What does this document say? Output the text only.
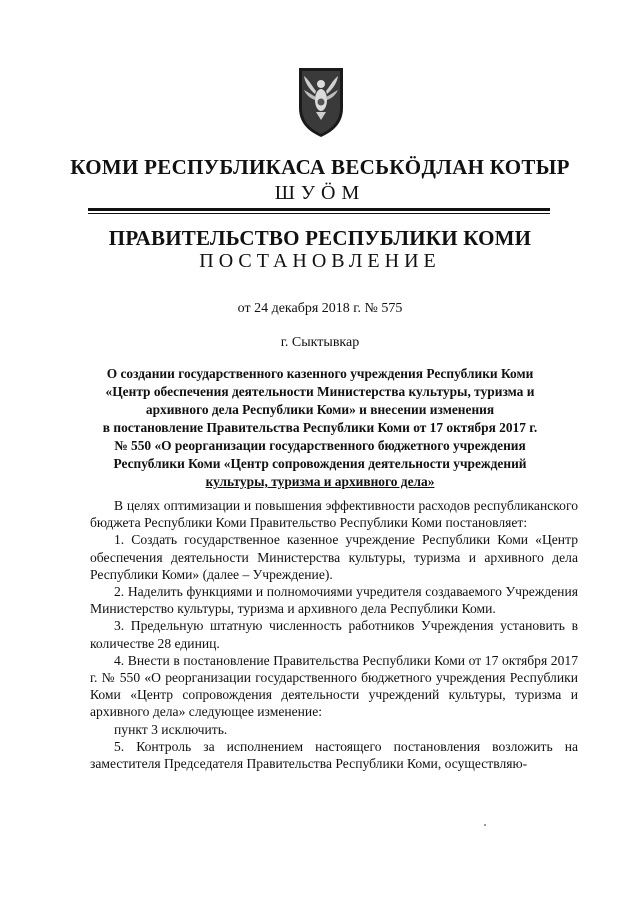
КОМИ РЕСПУБЛИКАСА ВЕСЬКӦДЛАН КОТЫР
ШУӦМ
ПРАВИТЕЛЬСТВО РЕСПУБЛИКИ КОМИ
ПОСТАНОВЛЕНИЕ
от 24 декабря 2018 г. № 575
г. Сыктывкар
О создании государственного казенного учреждения Республики Коми
«Центр обеспечения деятельности Министерства культуры, туризма и
архивного дела Республики Коми» и внесении изменения
в постановление Правительства Республики Коми от 17 октября 2017 г.
№ 550 «О реорганизации государственного бюджетного учреждения
Республики Коми «Центр сопровождения деятельности учреждений
культуры, туризма и архивного дела»

В целях оптимизации и повышения эффективности расходов республиканского бюджета Республики Коми Правительство Республики Коми постановляет:

1. Создать государственное казенное учреждение Республики Коми «Центр обеспечения деятельности Министерства культуры, туризма и архивного дела Республики Коми» (далее – Учреждение).

2. Наделить функциями и полномочиями учредителя создаваемого Учреждения Министерство культуры, туризма и архивного дела Республики Коми.

3. Предельную штатную численность работников Учреждения установить в количестве 28 единиц.

4. Внести в постановление Правительства Республики Коми от 17 октября 2017 г. № 550 «О реорганизации государственного бюджетного учреждения Республики Коми «Центр сопровождения деятельности учреждений культуры, туризма и архивного дела» следующее изменение:

пункт 3 исключить.

5. Контроль за исполнением настоящего постановления возложить на заместителя Председателя Правительства Республики Коми, осуществляю-
